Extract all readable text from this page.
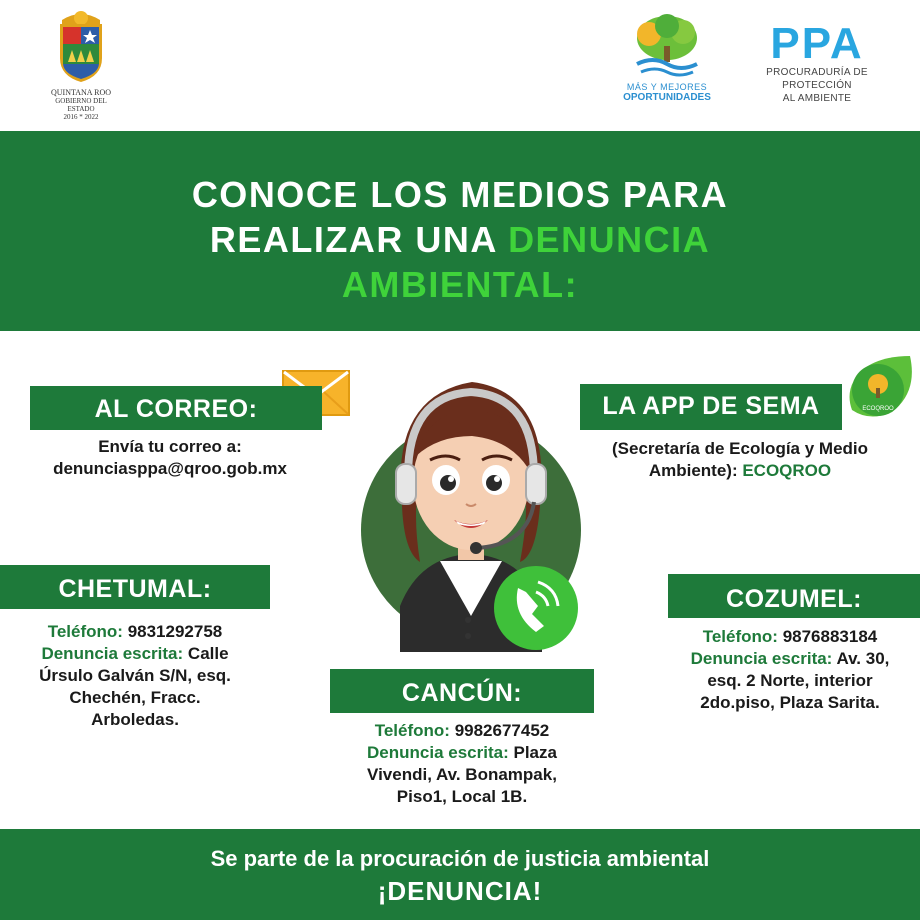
QUINTANA ROO
GOBIERNO DEL ESTADO
2016 * 2022
MÁS Y MEJORES
OPORTUNIDADES
PPA
PROCURADURÍA DE PROTECCIÓN
AL AMBIENTE
CONOCE LOS MEDIOS PARA
REALIZAR UNA DENUNCIA
AMBIENTAL:
ECOQROO
AL CORREO:
Envía tu correo a:
denunciasppa@qroo.gob.mx
LA APP DE SEMA
(Secretaría de Ecología y Medio
Ambiente): ECOQROO
CHETUMAL:
Teléfono: 9831292758
Denuncia escrita: Calle
Úrsulo Galván S/N, esq.
Chechén, Fracc.
Arboledas.
COZUMEL:
Teléfono: 9876883184
Denuncia escrita: Av. 30,
esq. 2 Norte, interior
2do.piso, Plaza Sarita.
CANCÚN:
Teléfono: 9982677452
Denuncia escrita: Plaza
Vivendi, Av. Bonampak,
Piso1, Local 1B.
Se parte de la procuración de justicia ambiental
¡DENUNCIA!
